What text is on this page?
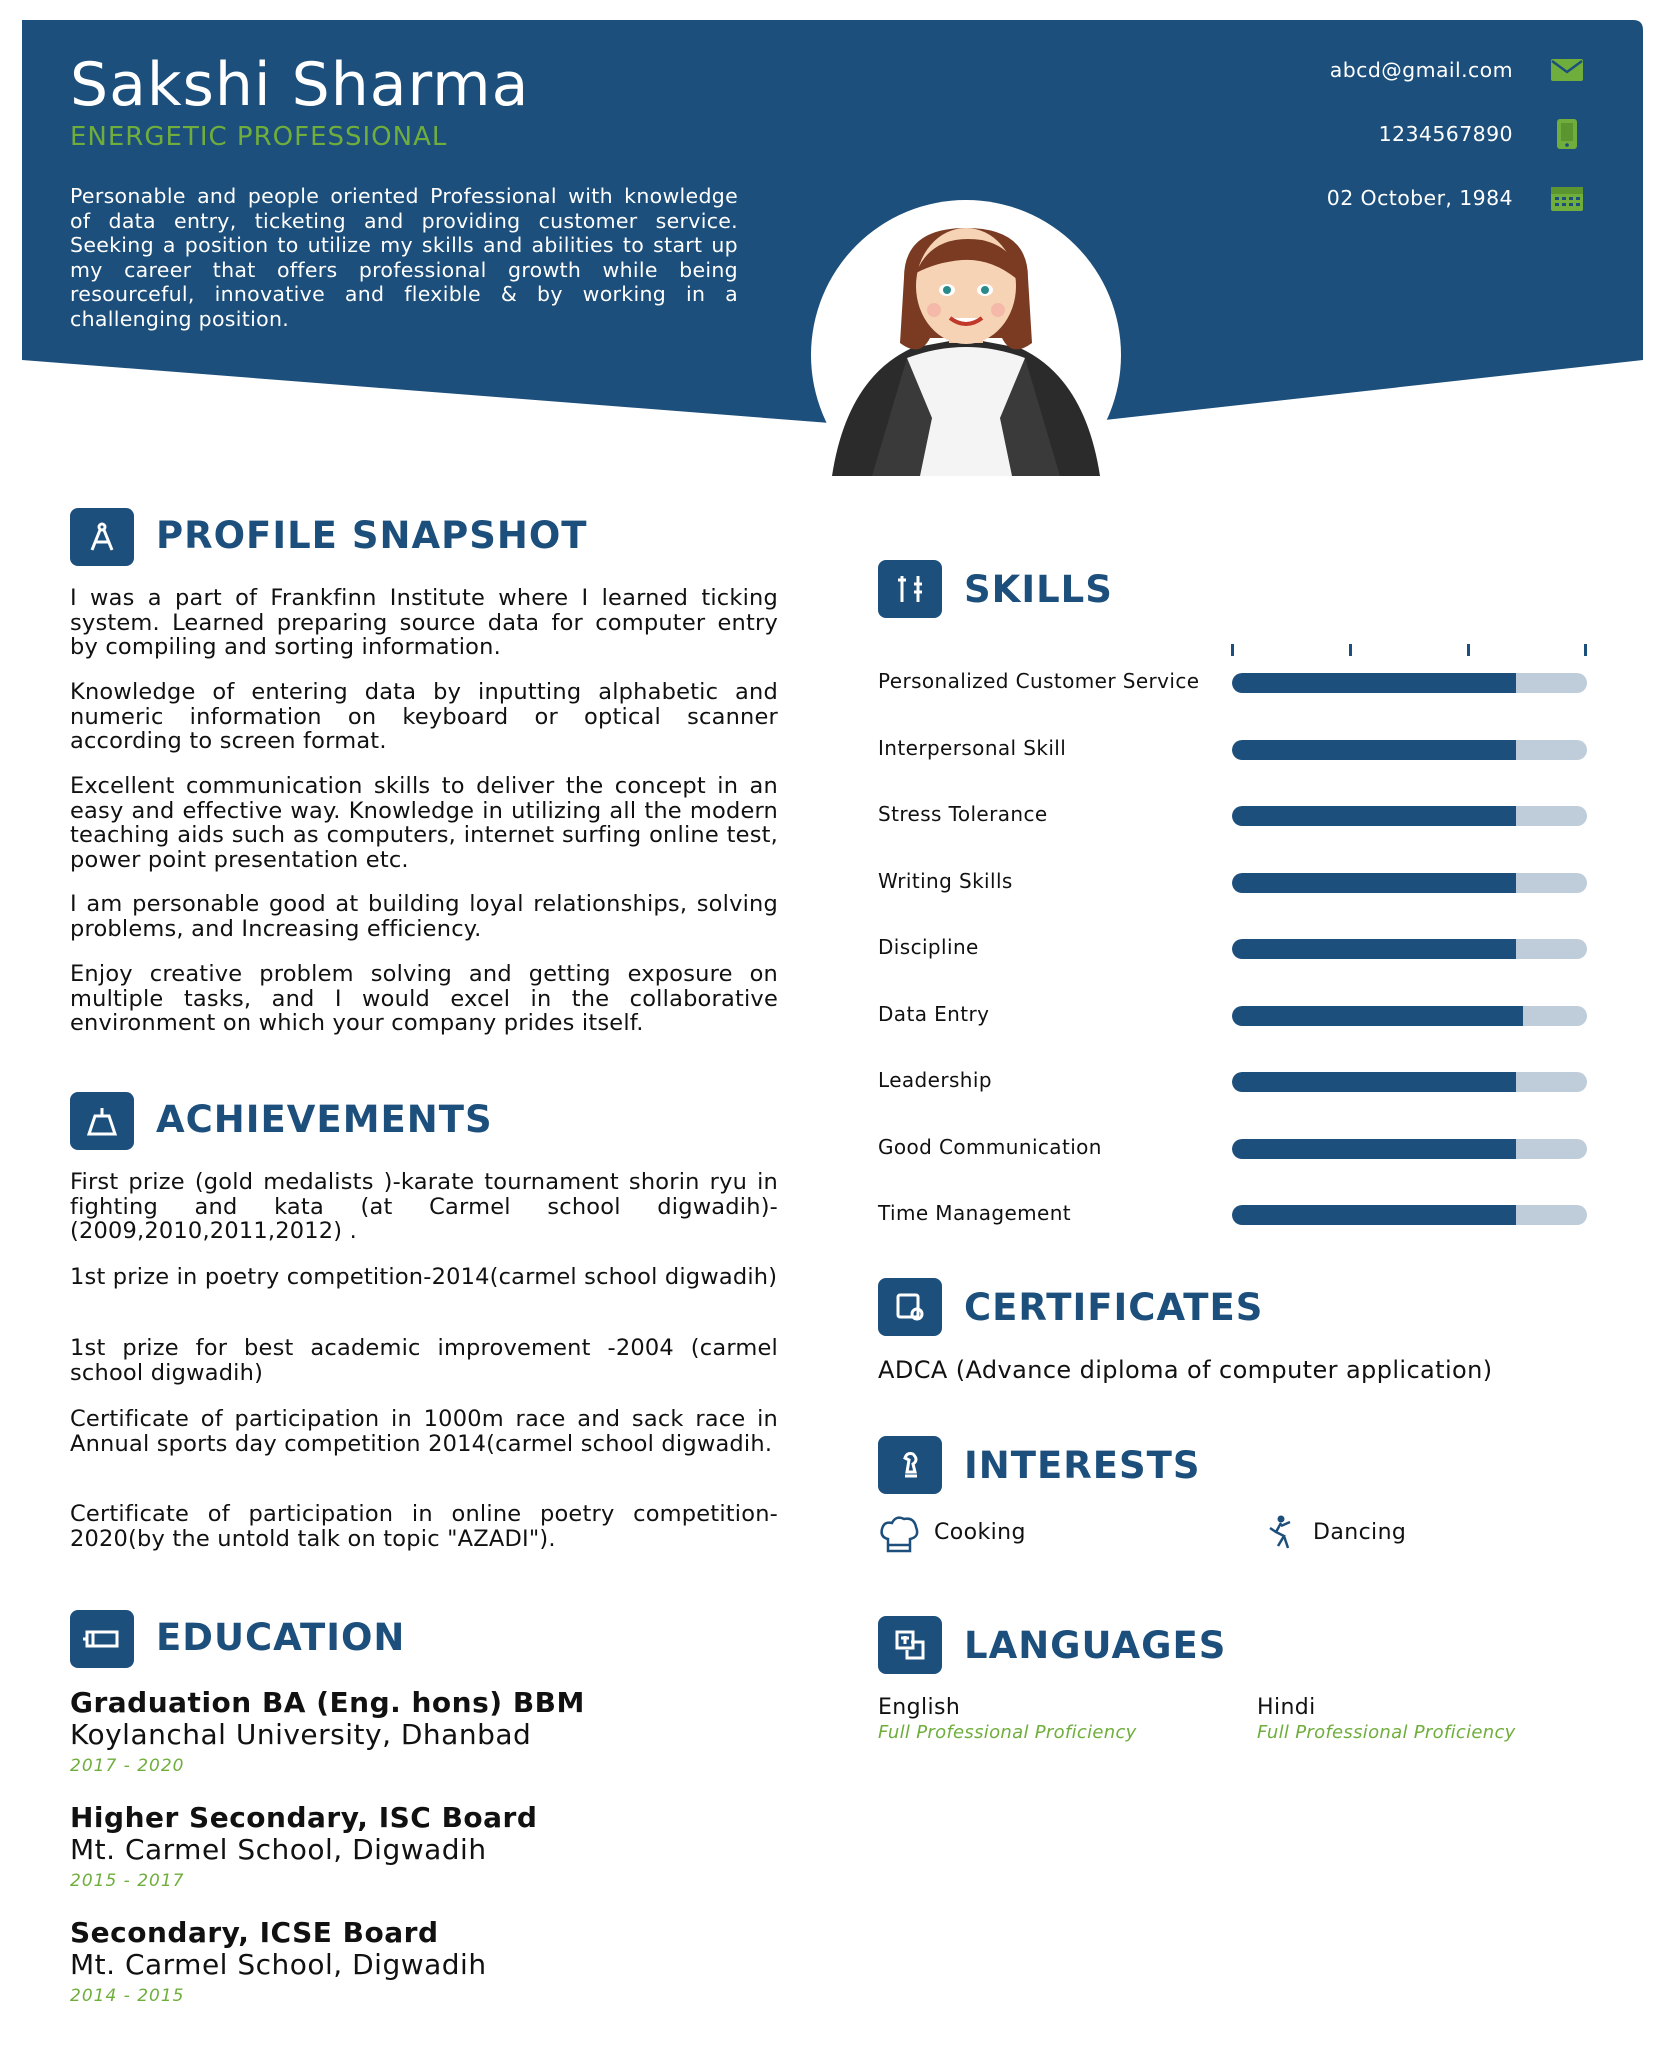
Sakshi Sharma
ENERGETIC PROFESSIONAL
Personable and people oriented Professional with knowledge of data entry, ticketing and providing customer service. Seeking a position to utilize my skills and abilities to start up my career that offers professional growth while being resourceful, innovative and flexible & by working in a challenging position.
abcd@gmail.com
1234567890
02 October, 1984
PROFILE SNAPSHOT
I was a part of Frankfinn Institute where I learned ticking system. Learned preparing source data for computer entry by compiling and sorting information.
Knowledge of entering data by inputting alphabetic and numeric information on keyboard or optical scanner according to screen format.
Excellent communication skills to deliver the concept in an easy and effective way. Knowledge in utilizing all the modern teaching aids such as computers, internet surfing online test, power point presentation etc.
I am personable good at building loyal relationships, solving problems, and Increasing efficiency.
Enjoy creative problem solving and getting exposure on multiple tasks, and I would excel in the collaborative environment on which your company prides itself.
ACHIEVEMENTS
First prize (gold medalists )-karate tournament shorin ryu in fighting and kata (at Carmel school digwadih)-(2009,2010,2011,2012) .
1st prize in poetry competition-2014(carmel school digwadih)
1st prize for best academic improvement -2004 (carmel school digwadih)
Certificate of participation in 1000m race and sack race in Annual sports day competition 2014(carmel school digwadih.
Certificate of participation in online poetry competition-2020(by the untold talk on topic "AZADI").
EDUCATION
Graduation BA (Eng. hons) BBM
Koylanchal University, Dhanbad
2017 - 2020
Higher Secondary, ISC Board
Mt. Carmel School, Digwadih
2015 - 2017
Secondary, ICSE Board
Mt. Carmel School, Digwadih
2014 - 2015
SKILLS
Personalized Customer Service
Interpersonal Skill
Stress Tolerance
Writing Skills
Discipline
Data Entry
Leadership
Good Communication
Time Management
CERTIFICATES
ADCA (Advance diploma of computer application)
INTERESTS
Cooking	Dancing
LANGUAGES
English
Full Professional Proficiency
Hindi
Full Professional Proficiency
